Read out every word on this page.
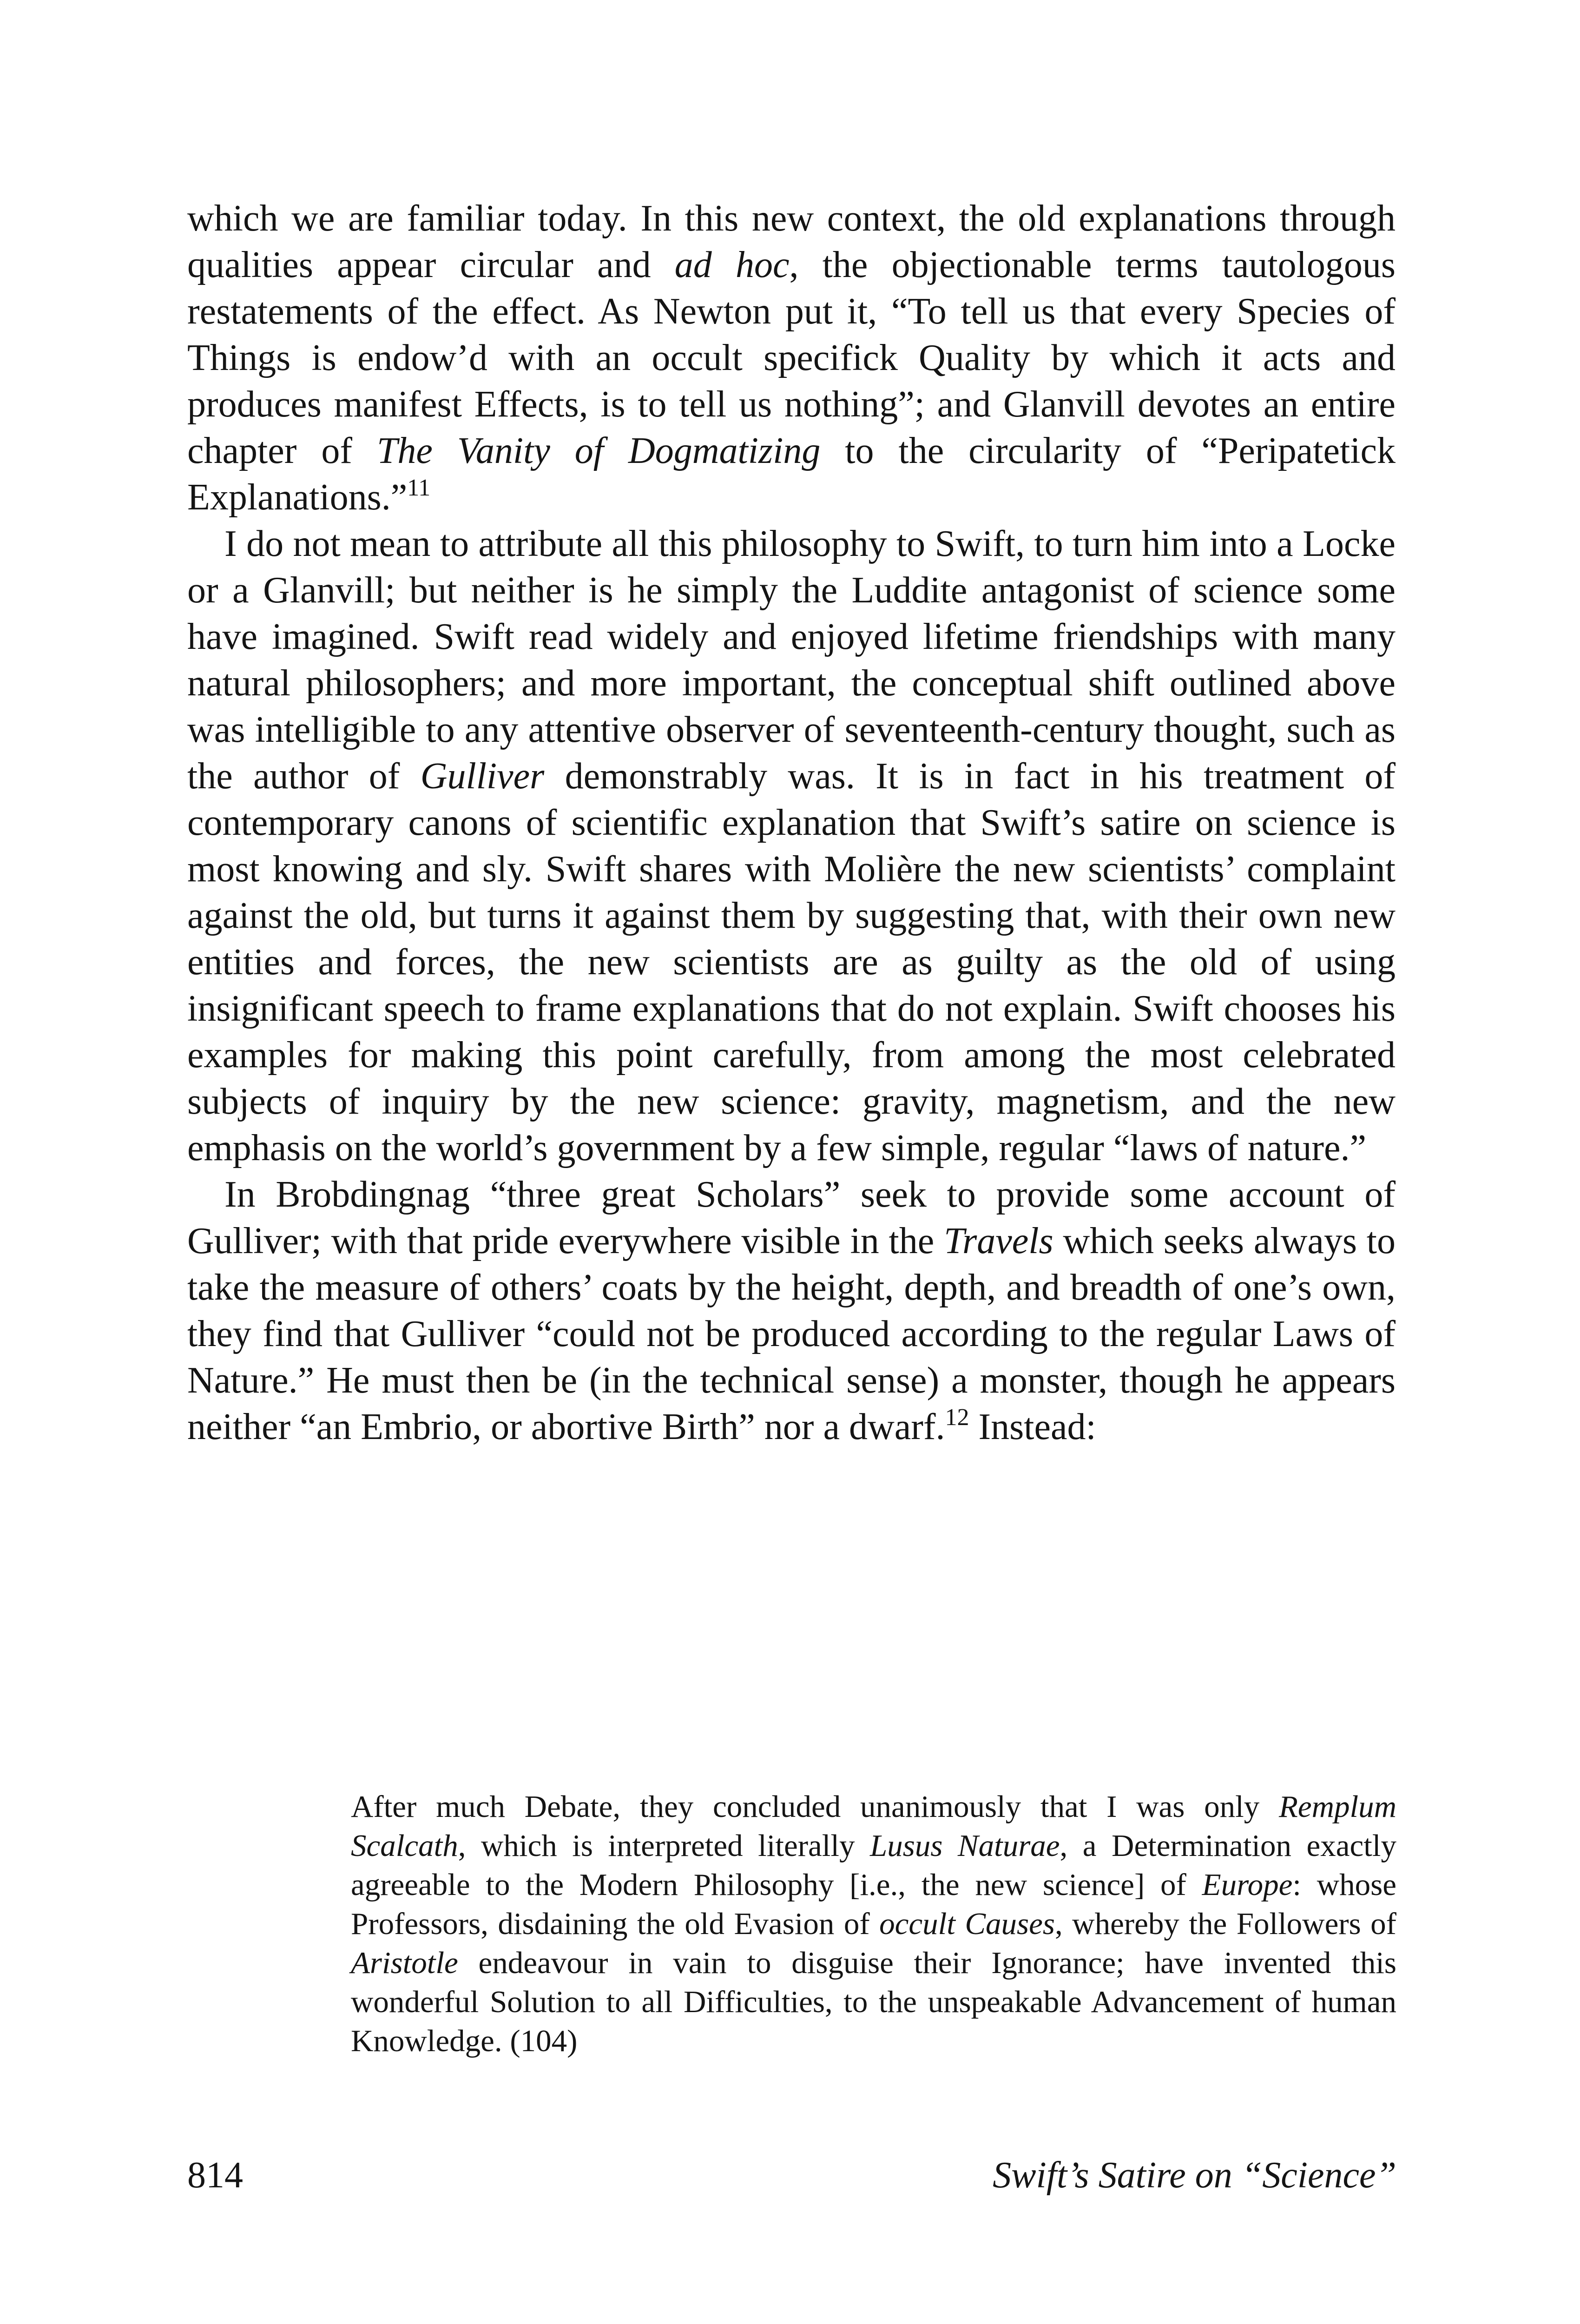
which we are familiar today. In this new context, the old explanations through qualities appear circular and ad hoc, the objectionable terms tautologous restatements of the effect. As Newton put it, “To tell us that every Species of Things is endow’d with an occult specifick Quality by which it acts and produces manifest Effects, is to tell us nothing”; and Glanvill devotes an entire chapter of The Vanity of Dogmatizing to the circularity of “Peripatetick Explanations.”$^{11}$

I do not mean to attribute all this philosophy to Swift, to turn him into a Locke or a Glanvill; but neither is he simply the Luddite antagonist of science some have imagined. Swift read widely and enjoyed lifetime friendships with many natural philosophers; and more important, the conceptual shift outlined above was intelligible to any attentive observer of seventeenth-century thought, such as the author of Gulliver demonstrably was. It is in fact in his treatment of contemporary canons of scientific explanation that Swift’s satire on science is most knowing and sly. Swift shares with Molière the new scientists’ complaint against the old, but turns it against them by suggesting that, with their own new entities and forces, the new scientists are as guilty as the old of using insignificant speech to frame explanations that do not explain. Swift chooses his examples for making this point carefully, from among the most celebrated subjects of inquiry by the new science: gravity, magnetism, and the new emphasis on the world’s government by a few simple, regular “laws of nature.”

In Brobdingnag “three great Scholars” seek to provide some account of Gulliver; with that pride everywhere visible in the Travels which seeks always to take the measure of others’ coats by the height, depth, and breadth of one’s own, they find that Gulliver “could not be produced according to the regular Laws of Nature.” He must then be (in the technical sense) a monster, though he appears neither “an Embrio, or abortive Birth” nor a dwarf.$^{12}$ Instead:

After much Debate, they concluded unanimously that I was only Remplum Scalcath, which is interpreted literally Lusus Naturae, a Determination exactly agreeable to the Modern Philosophy [i.e., the new science] of Europe: whose Professors, disdaining the old Evasion of occult Causes, whereby the Followers of Aristotle endeavour in vain to disguise their Ignorance; have invented this wonderful Solution to all Difficulties, to the unspeakable Advancement of human Knowledge. (104)

814	Swift’s Satire on “Science”
